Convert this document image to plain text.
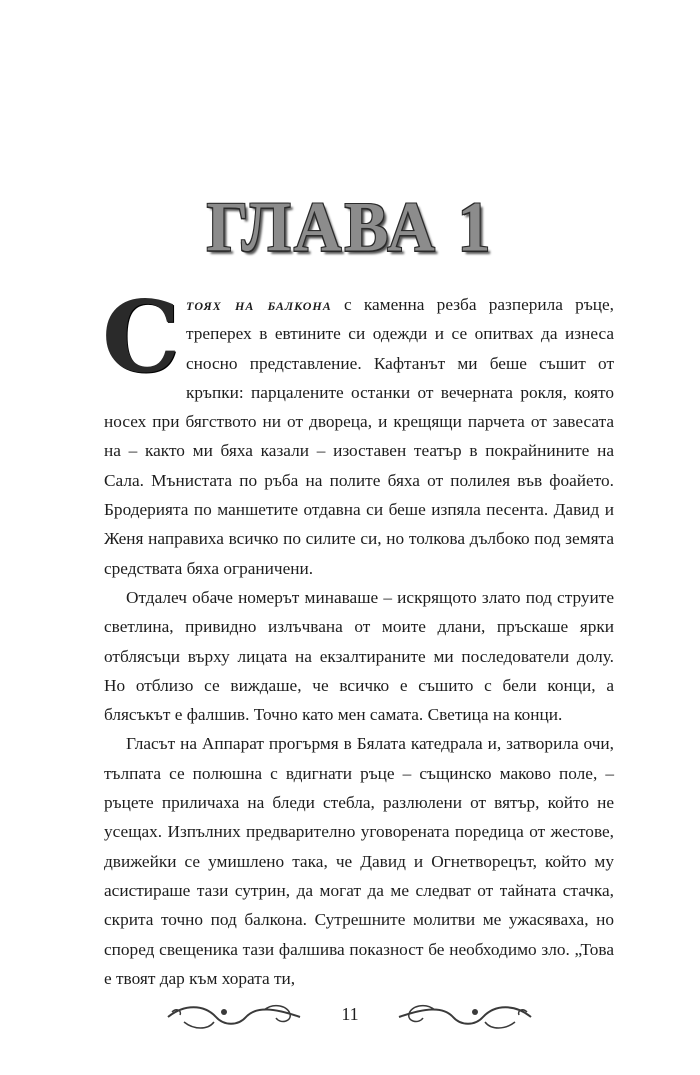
ГЛАВА 1

Стоях на балкона с каменна резба разперила ръце, треперех в евтините си одежди и се опитвах да изнеса сносно представление. Кафтанът ми беше съшит от кръпки: парцалените останки от вечерната рокля, която носех при бягството ни от двореца, и крещящи парчета от завесата на – както ми бяха казали – изоставен театър в покрайнините на Сала. Мънистата по ръба на полите бяха от полилея във фоайето. Бродерията по маншетите отдавна си беше изпяла песента. Давид и Женя направиха всичко по силите си, но толкова дълбоко под земята средствата бяха ограничени.

Отдалеч обаче номерът минаваше – искрящото злато под струите светлина, привидно излъчвана от моите длани, пръскаше ярки отблясъци върху лицата на екзалтираните ми последователи долу. Но отблизо се виждаше, че всичко е съшито с бели конци, а блясъкът е фалшив. Точно като мен самата. Светица на конци.

Гласът на Аппарат прогърмя в Бялата катедрала и, затворила очи, тълпата се полюшна с вдигнати ръце – същинско маково поле, – ръцете приличаха на бледи стебла, разлюлени от вятър, който не усещах. Изпълних предварително уговорената поредица от жестове, движейки се умишлено така, че Давид и Огнетворецът, който му асистираше тази сутрин, да могат да ме следват от тайната стачка, скрита точно под балкона. Сутрешните молитви ме ужасяваха, но според свещеника тази фалшива показност бе необходимо зло. „Това е твоят дар към хората ти,

11
